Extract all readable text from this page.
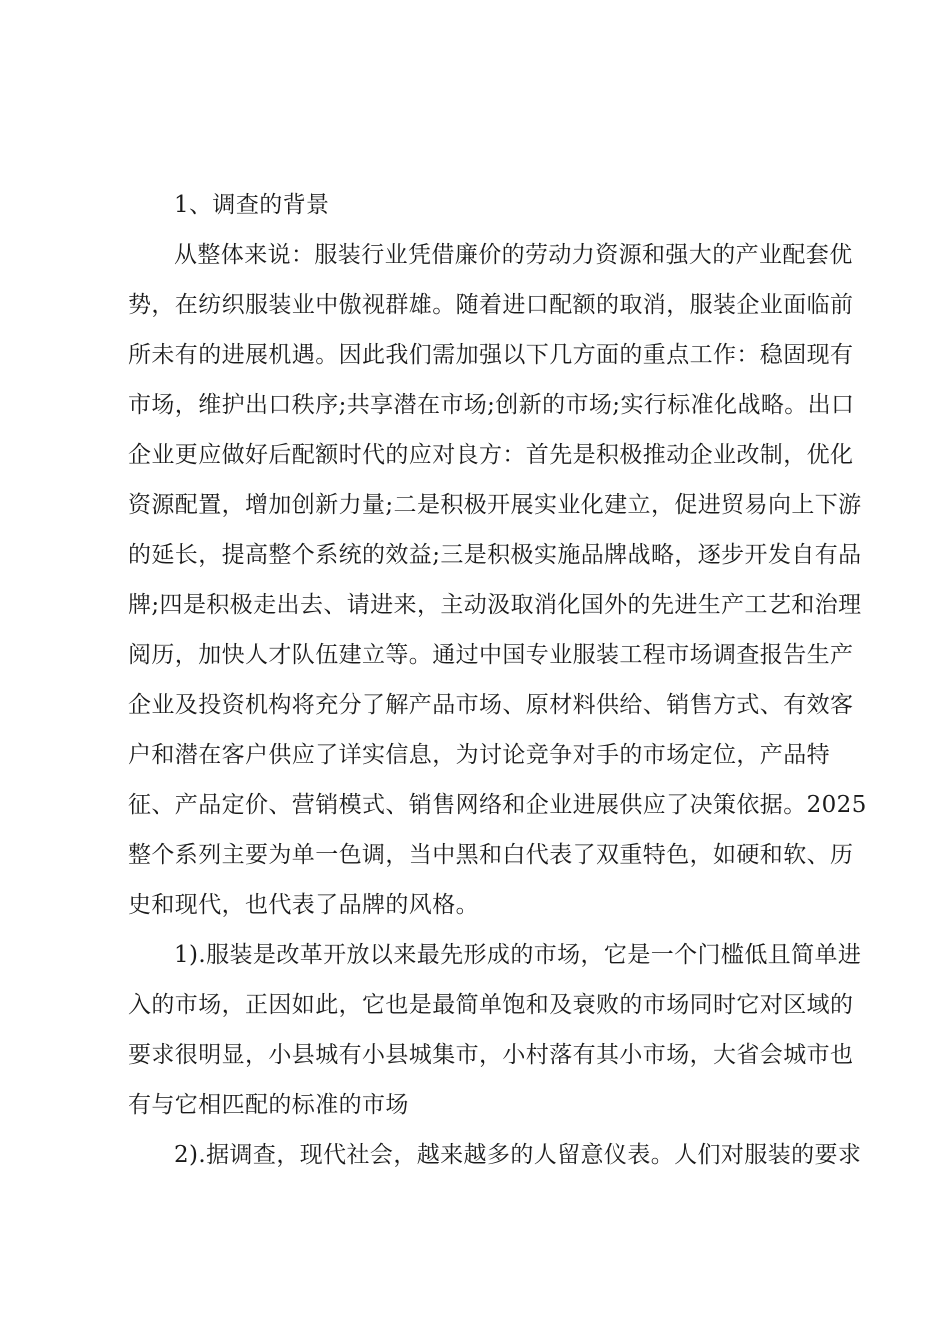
1、调查的背景
从整体来说：服装行业凭借廉价的劳动力资源和强大的产业配套优
势，在纺织服装业中傲视群雄。随着进口配额的取消，服装企业面临前
所未有的进展机遇。因此我们需加强以下几方面的重点工作：稳固现有
市场，维护出口秩序;共享潜在市场;创新的市场;实行标准化战略。出口
企业更应做好后配额时代的应对良方：首先是积极推动企业改制，优化
资源配置，增加创新力量;二是积极开展实业化建立，促进贸易向上下游
的延长，提高整个系统的效益;三是积极实施品牌战略，逐步开发自有品
牌;四是积极走出去、请进来，主动汲取消化国外的先进生产工艺和治理
阅历，加快人才队伍建立等。通过中国专业服装工程市场调查报告生产
企业及投资机构将充分了解产品市场、原材料供给、销售方式、有效客
户和潜在客户供应了详实信息，为讨论竞争对手的市场定位，产品特
征、产品定价、营销模式、销售网络和企业进展供应了决策依据。2025
整个系列主要为单一色调，当中黑和白代表了双重特色，如硬和软、历
史和现代，也代表了品牌的风格。
1).服装是改革开放以来最先形成的市场，它是一个门槛低且简单进
入的市场，正因如此，它也是最简单饱和及衰败的市场同时它对区域的
要求很明显，小县城有小县城集市，小村落有其小市场，大省会城市也
有与它相匹配的标准的市场
2).据调查，现代社会，越来越多的人留意仪表。人们对服装的要求
